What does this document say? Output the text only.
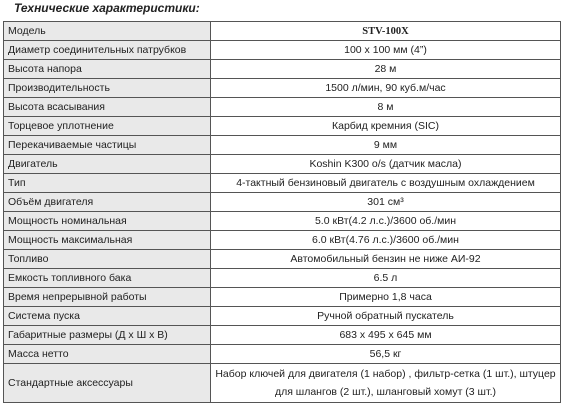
Технические характеристики:
Модель	STV-100X
Диаметр соединительных патрубков	100 х 100 мм (4”)
Высота напора	28 м
Производительность	1500 л/мин, 90 куб.м/час
Высота всасывания	8 м
Торцевое уплотнение	Карбид кремния (SIC)
Перекачиваемые частицы	9 мм
Двигатель	Koshin K300 o/s (датчик масла)
Тип	4-тактный бензиновый двигатель с воздушным охлаждением
Объём двигателя	301 см³
Мощность номинальная	5.0 кВт(4.2 л.с.)/3600 об./мин
Мощность максимальная	6.0 кВт(4.76 л.с.)/3600 об./мин
Топливо	Автомобильный бензин не ниже АИ-92
Емкость топливного бака	6.5 л
Время непрерывной работы	Примерно 1,8 часа
Система пуска	Ручной обратный пускатель
Габаритные размеры (Д х Ш х В)	683 х 495 х 645 мм
Масса нетто	56,5 кг
Стандартные аксессуары	Набор ключей для двигателя (1 набор) , фильтр-сетка (1 шт.), штуцер для шлангов (2 шт.), шланговый хомут (3 шт.)
